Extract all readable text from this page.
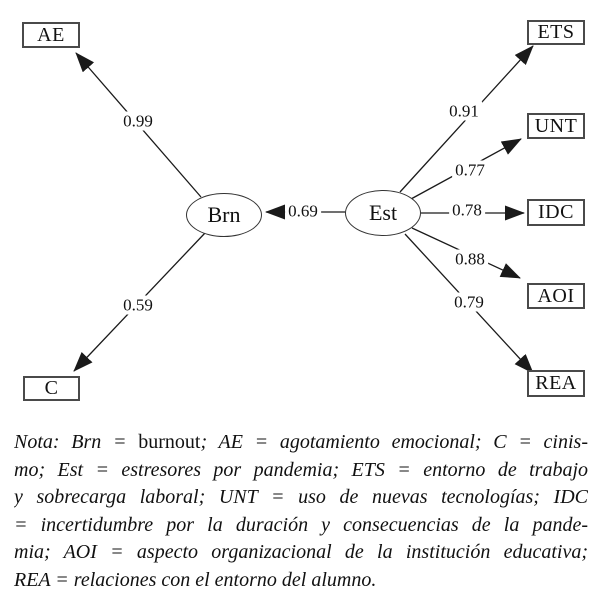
0.99
0.59
0.69
0.91
0.77
0.78
0.88
0.79
AE
C
ETS
UNT
IDC
AOI
REA
Brn	Est
Nota: Brn = burnout; AE = agotamiento emocional; C = cinis-
mo; Est = estresores por pandemia; ETS = entorno de trabajo
y sobrecarga laboral; UNT = uso de nuevas tecnologías; IDC
= incertidumbre por la duración y consecuencias de la pande-
mia; AOI = aspecto organizacional de la institución educativa;
REA = relaciones con el entorno del alumno.
